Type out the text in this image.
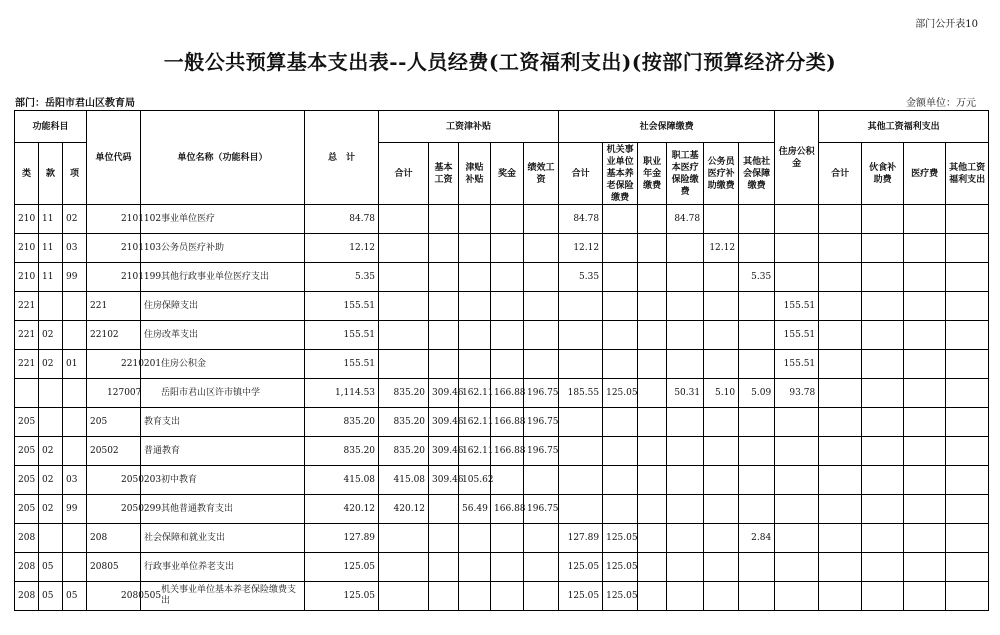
部门公开表10
一般公共预算基本支出表--人员经费(工资福利支出)(按部门预算经济分类)
部门：岳阳市君山区教育局	金额单位：万元
功能科目			单位代码	单位名称（功能科目）	总　计	工资津补贴					社会保障缴费						住房公积金	其他工资福利支出			
类	款	项				合计	基本工资	津贴补贴	奖金	绩效工资	合计	机关事业单位基本养老保险缴费	职业年金缴费	职工基本医疗保险缴费	公务员医疗补助缴费	其他社会保障缴费		合计	伙食补助费	医疗费	其他工资福利支出
210	11	02	2101102	事业单位医疗	84.78						84.78			84.78							
210	11	03	2101103	公务员医疗补助	12.12						12.12				12.12						
210	11	99	2101199	其他行政事业单位医疗支出	5.35						5.35					5.35					
221			221	住房保障支出	155.51												155.51				
221	02		22102	住房改革支出	155.51												155.51				
221	02	01	2210201	住房公积金	155.51												155.51				
			127007	岳阳市君山区许市镇中学	1,114.53	835.20	309.46	162.11	166.88	196.75	185.55	125.05		50.31	5.10	5.09	93.78				
205			205	教育支出	835.20	835.20	309.46	162.11	166.88	196.75											
205	02		20502	普通教育	835.20	835.20	309.46	162.11	166.88	196.75											
205	02	03	2050203	初中教育	415.08	415.08	309.46	105.62													
205	02	99	2050299	其他普通教育支出	420.12	420.12		56.49	166.88	196.75											
208			208	社会保障和就业支出	127.89						127.89	125.05				2.84					
208	05		20805	行政事业单位养老支出	125.05						125.05	125.05									
208	05	05	2080505	机关事业单位基本养老保险缴费支出	125.05						125.05	125.05									
